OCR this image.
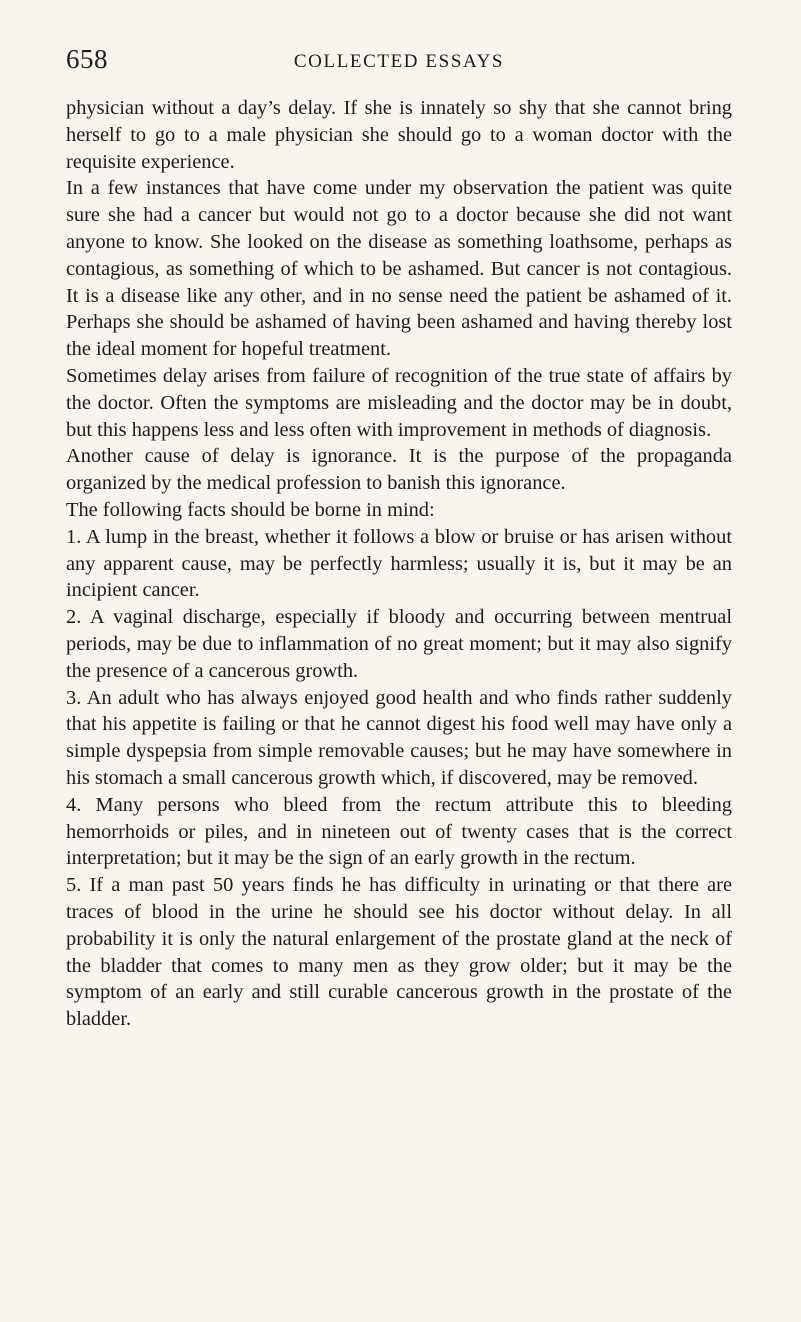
658	COLLECTED ESSAYS

physician without a day’s delay. If she is innately so shy that she cannot bring herself to go to a male physician she should go to a woman doctor with the requisite experience.

In a few instances that have come under my observation the patient was quite sure she had a cancer but would not go to a doctor because she did not want anyone to know. She looked on the disease as something loathsome, perhaps as contagious, as something of which to be ashamed. But cancer is not contagious. It is a disease like any other, and in no sense need the patient be ashamed of it. Perhaps she should be ashamed of having been ashamed and having thereby lost the ideal moment for hopeful treatment.

Sometimes delay arises from failure of recognition of the true state of affairs by the doctor. Often the symptoms are misleading and the doctor may be in doubt, but this happens less and less often with improvement in methods of diagnosis.

Another cause of delay is ignorance. It is the purpose of the propaganda organized by the medical profession to banish this ignorance.

The following facts should be borne in mind:

1. A lump in the breast, whether it follows a blow or bruise or has arisen without any apparent cause, may be perfectly harmless; usually it is, but it may be an incipient cancer.

2. A vaginal discharge, especially if bloody and occurring between mentrual periods, may be due to inflammation of no great moment; but it may also signify the presence of a cancerous growth.

3. An adult who has always enjoyed good health and who finds rather suddenly that his appetite is failing or that he cannot digest his food well may have only a simple dyspepsia from simple removable causes; but he may have somewhere in his stomach a small cancerous growth which, if discovered, may be removed.

4. Many persons who bleed from the rectum attribute this to bleeding hemorrhoids or piles, and in nineteen out of twenty cases that is the correct interpretation; but it may be the sign of an early growth in the rectum.

5. If a man past 50 years finds he has difficulty in urinating or that there are traces of blood in the urine he should see his doctor without delay. In all probability it is only the natural enlargement of the prostate gland at the neck of the bladder that comes to many men as they grow older; but it may be the symptom of an early and still curable cancerous growth in the prostate of the bladder.
